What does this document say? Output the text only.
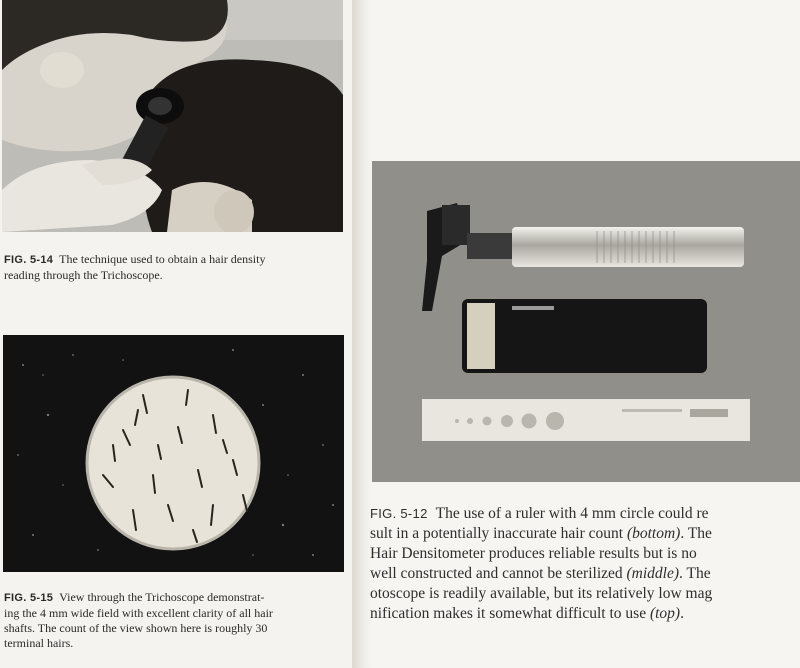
FIG. 5-14 The technique used to obtain a hair density
reading through the Trichoscope.
FIG. 5-15 View through the Trichoscope demonstrat-
ing the 4 mm wide field with excellent clarity of all hair
shafts. The count of the view shown here is roughly 30
terminal hairs.
FIG. 5-12 The use of a ruler with 4 mm circle could re
sult in a potentially inaccurate hair count (bottom). The
Hair Densitometer produces reliable results but is no
well constructed and cannot be sterilized (middle). The
otoscope is readily available, but its relatively low mag
nification makes it somewhat difficult to use (top).
